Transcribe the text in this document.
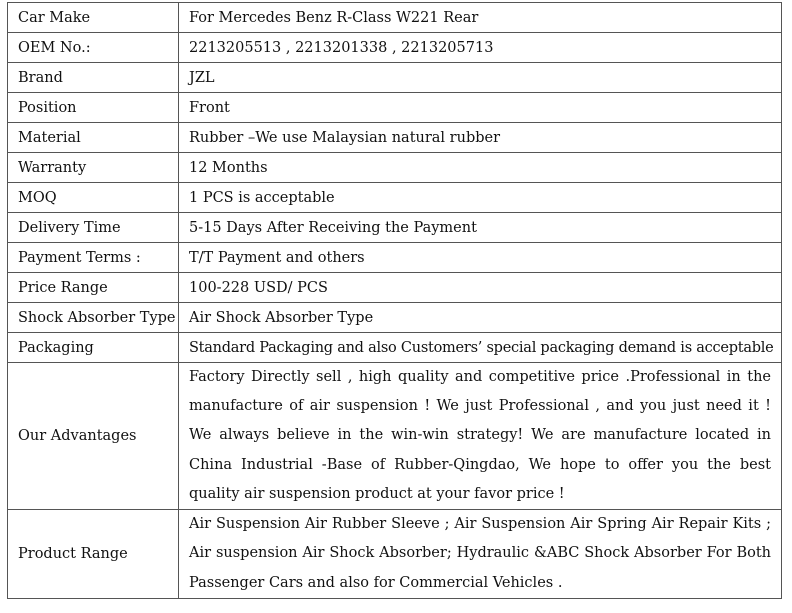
Car Make	For Mercedes Benz R-Class W221 Rear
OEM No.:	2213205513 , 2213201338 , 2213205713
Brand	JZL
Position	Front
Material	Rubber –We use Malaysian natural rubber
Warranty	12 Months
MOQ	1 PCS is acceptable
Delivery Time	5-15 Days After Receiving the Payment
Payment Terms :	T/T Payment and others
Price Range	100-228 USD/ PCS
Shock Absorber Type	Air Shock Absorber Type
Packaging	Standard Packaging and also Customers’ special packaging demand is acceptable
Our Advantages	Factory Directly sell , high quality and competitive price .Professional in the manufacture of air suspension ! We just Professional , and you just need it ! We always believe in the win-win strategy! We are manufacture located in China Industrial -Base of Rubber-Qingdao, We hope to offer you the best quality air suspension product at your favor price !
Product Range	Air Suspension Air Rubber Sleeve ; Air Suspension Air Spring Air Repair Kits ; Air suspension Air Shock Absorber; Hydraulic &ABC Shock Absorber For Both Passenger Cars and also for Commercial Vehicles .
